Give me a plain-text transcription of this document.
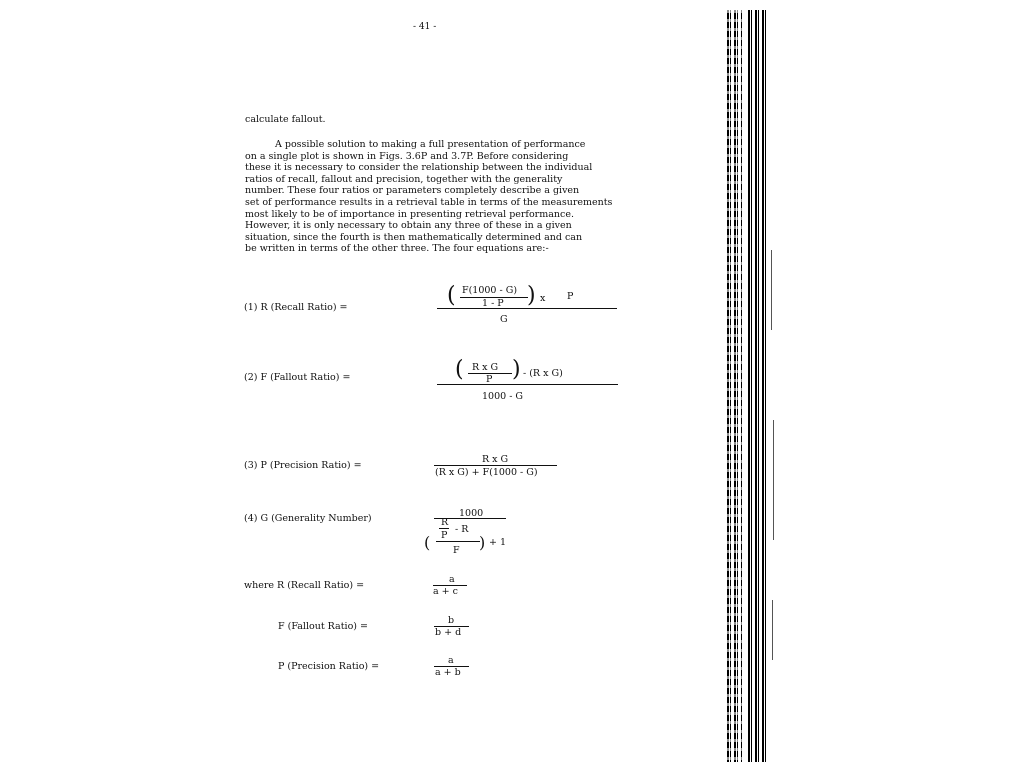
- 41 -
calculate fallout.
A possible solution to making a full presentation of performance
on a single plot is shown in Figs. 3.6P and 3.7P. Before considering
these it is necessary to consider the relationship between the individual
ratios of recall, fallout and precision, together with the generality
number. These four ratios or parameters completely describe a given
set of performance results in a retrieval table in terms of the measurements
most likely to be of importance in presenting retrieval performance.
However, it is only necessary to obtain any three of these in a given
situation, since the fourth is then mathematically determined and can
be written in terms of the other three. The four equations are:-
(1) R (Recall Ratio) =	( F(1000 - G)
1 - P ) x P
G
(2) F (Fallout Ratio) =	( R x G
P ) - (R x G)
1000 - G
(3) P (Precision Ratio) =
R x G
(R x G) + F(1000 - G)
(4) G (Generality Number)	1000
(
R
P
- R
F ) + 1
where R (Recall Ratio) =
a
a + c
F (Fallout Ratio) =
b
b + d
P (Precision Ratio) =
a
a + b
